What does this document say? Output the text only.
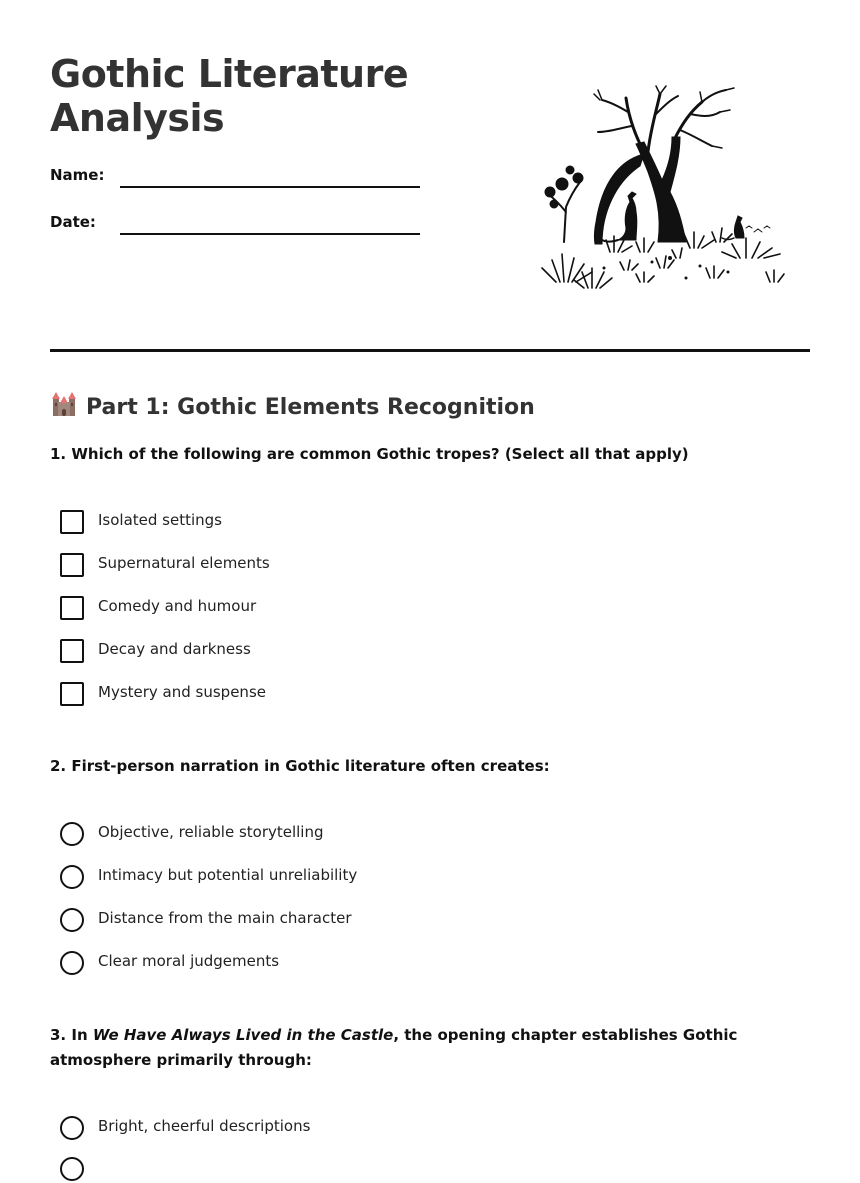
Gothic Literature Analysis
Name:
Date:
Part 1: Gothic Elements Recognition

1. Which of the following are common Gothic tropes? (Select all that apply)

Isolated settings
Supernatural elements
Comedy and humour
Decay and darkness
Mystery and suspense

2. First-person narration in Gothic literature often creates:

Objective, reliable storytelling
Intimacy but potential unreliability
Distance from the main character
Clear moral judgements

3. In We Have Always Lived in the Castle, the opening chapter establishes Gothic atmosphere primarily through:

Bright, cheerful descriptions
